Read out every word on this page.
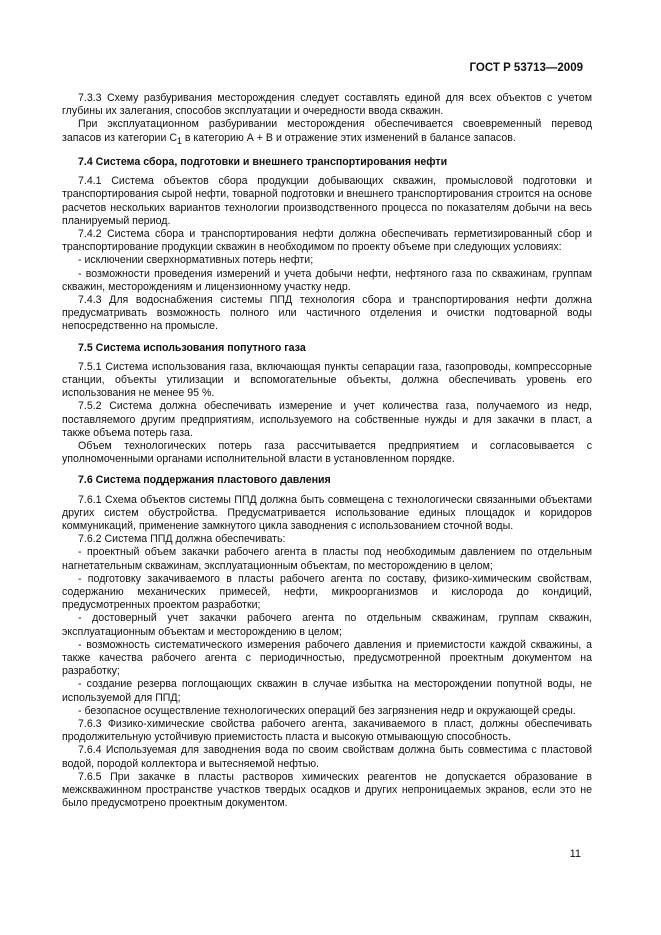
ГОСТ Р 53713—2009

7.3.3 Схему разбуривания месторождения следует составлять единой для всех объектов с учетом глубины их залегания, способов эксплуатации и очередности ввода скважин.

При эксплуатационном разбуривании месторождения обеспечивается своевременный перевод запасов из категории $C_1$ в категорию А + В и отражение этих изменений в балансе запасов.

7.4 Система сбора, подготовки и внешнего транспортирования нефти

7.4.1 Система объектов сбора продукции добывающих скважин, промысловой подготовки и транспортирования сырой нефти, товарной подготовки и внешнего транспортирования строится на основе расчетов нескольких вариантов технологии производственного процесса по показателям добычи на весь планируемый период.

7.4.2 Система сбора и транспортирования нефти должна обеспечивать герметизированный сбор и транспортирование продукции скважин в необходимом по проекту объеме при следующих условиях:

- исключении сверхнормативных потерь нефти;

- возможности проведения измерений и учета добычи нефти, нефтяного газа по скважинам, группам скважин, месторождениям и лицензионному участку недр.

7.4.3 Для водоснабжения системы ППД технология сбора и транспортирования нефти должна предусматривать возможность полного или частичного отделения и очистки подтоварной воды непосредственно на промысле.

7.5 Система использования попутного газа

7.5.1 Система использования газа, включающая пункты сепарации газа, газопроводы, компрессорные станции, объекты утилизации и вспомогательные объекты, должна обеспечивать уровень его использования не менее 95 %.

7.5.2 Система должна обеспечивать измерение и учет количества газа, получаемого из недр, поставляемого другим предприятиям, используемого на собственные нужды и для закачки в пласт, а также объема потерь газа.

Объем технологических потерь газа рассчитывается предприятием и согласовывается с уполномоченными органами исполнительной власти в установленном порядке.

7.6 Система поддержания пластового давления

7.6.1 Схема объектов системы ППД должна быть совмещена с технологически связанными объектами других систем обустройства. Предусматривается использование единых площадок и коридоров коммуникаций, применение замкнутого цикла заводнения с использованием сточной воды.

7.6.2 Система ППД должна обеспечивать:

- проектный объем закачки рабочего агента в пласты под необходимым давлением по отдельным нагнетательным скважинам, эксплуатационным объектам, по месторождению в целом;

- подготовку закачиваемого в пласты рабочего агента по составу, физико-химическим свойствам, содержанию механических примесей, нефти, микроорганизмов и кислорода до кондиций, предусмотренных проектом разработки;

- достоверный учет закачки рабочего агента по отдельным скважинам, группам скважин, эксплуатационным объектам и месторождению в целом;

- возможность систематического измерения рабочего давления и приемистости каждой скважины, а также качества рабочего агента с периодичностью, предусмотренной проектным документом на разработку;

- создание резерва поглощающих скважин в случае избытка на месторождении попутной воды, не используемой для ППД;

- безопасное осуществление технологических операций без загрязнения недр и окружающей среды.

7.6.3 Физико-химические свойства рабочего агента, закачиваемого в пласт, должны обеспечивать продолжительную устойчивую приемистость пласта и высокую отмывающую способность.

7.6.4 Используемая для заводнения вода по своим свойствам должна быть совместима с пластовой водой, породой коллектора и вытесняемой нефтью.

7.6.5 При закачке в пласты растворов химических реагентов не допускается образование в межскважинном пространстве участков твердых осадков и других непроницаемых экранов, если это не было предусмотрено проектным документом.

11
